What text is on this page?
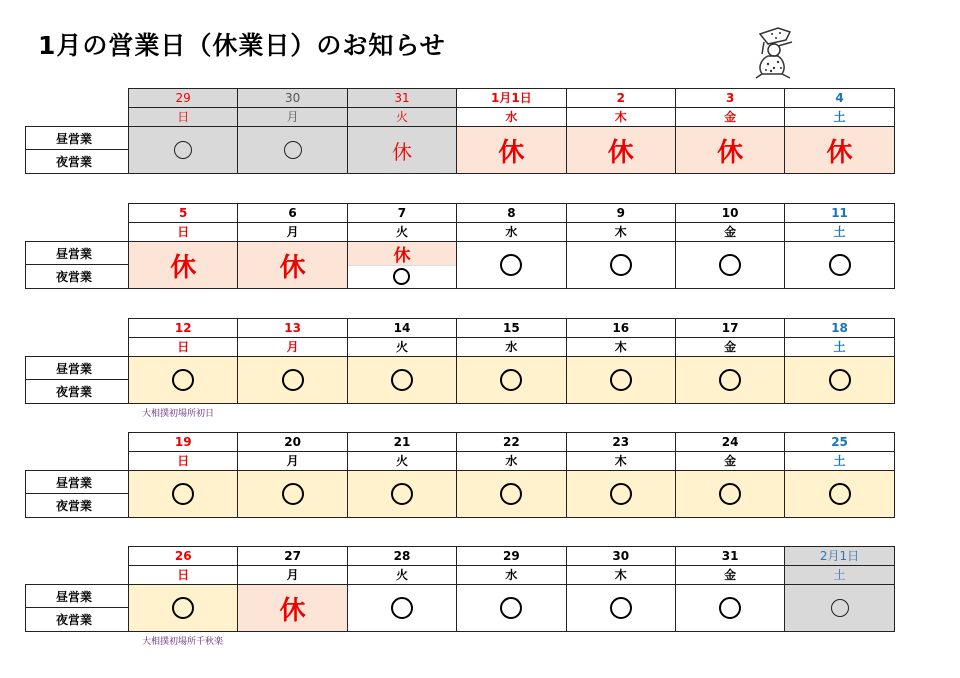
1月の営業日（休業日）のお知らせ
昼営業
夜営業
29
日
30
月
31
火
休
1月1日
水
休
2
木
休
3
金
休
4
土
休
昼営業
夜営業
5
日
休
6
月
休
7
火
休
8
水
9
木
10
金
11
土
昼営業
夜営業
12
日
13
月
14
火
15
水
16
木
17
金
18
土
大相撲初場所初日
昼営業
夜営業
19
日
20
月
21
火
22
水
23
木
24
金
25
土
昼営業
夜営業
26
日
27
月
休
28
火
29
水
30
木
31
金
2月1日
土
大相撲初場所千秋楽
